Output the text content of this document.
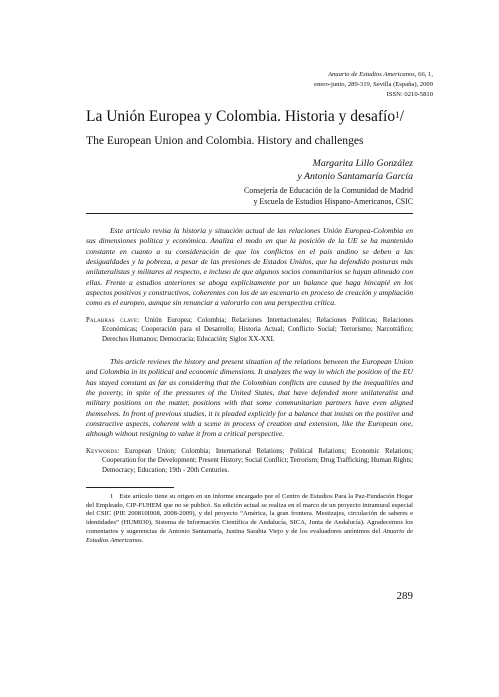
Anuario de Estudios Americanos, 66, 1,
enero-junio, 289-319, Sevilla (España), 2009
ISSN: 0210-5810
La Unión Europea y Colombia. Historia y desafío$^1$/
The European Union and Colombia. History and challenges
Margarita Lillo González
y Antonio Santamaría García
Consejería de Educación de la Comunidad de Madrid
y Escuela de Estudios Hispano-Americanos, CSIC

Este artículo revisa la historia y situación actual de las relaciones Unión Europea-Colombia en sus dimensiones política y económica. Analiza el modo en que la posición de la UE se ha mantenido constante en cuanto a su consideración de que los conflictos en el país andino se deben a las desigualdades y la pobreza, a pesar de las presiones de Estados Unidos, que ha defendido posturas más unilateralistas y militares al respecto, e incluso de que algunos socios comunitarios se hayan alineado con ellas. Frente a estudios anteriores se aboga explícitamente por un balance que haga hincapié en los aspectos positivos y constructivos, coherentes con los de un escenario en proceso de creación y ampliación como es el europeo, aunque sin renunciar a valorarlo con una perspectiva crítica.

Palabras clave: Unión Europea; Colombia; Relaciones Internacionales; Relaciones Políticas; Relaciones Económicas; Cooperación para el Desarrollo; Historia Actual; Conflicto Social; Terrorismo; Narcotráfico; Derechos Humanos; Democracia; Educación; Siglos XX-XXI.

This article reviews the history and present situation of the relations between the European Union and Colombia in its political and economic dimensions. It analyzes the way in which the position of the EU has stayed constant as far as considering that the Colombian conflicts are caused by the inequalities and the poverty, in spite of the pressures of the United States, that have defended more unilateralist and military positions on the matter, positions with that some communitarian partners have even aligned themselves. In front of previous studies, it is pleaded explicitly for a balance that insists on the positive and constructive aspects, coherent with a scene in process of creation and extension, like the European one, although without resigning to value it from a critical perspective.

Keywords: European Union; Colombia; International Relations; Political Relations; Economic Relations; Cooperation for the Development; Present History; Social Conflict; Terrorism; Drug Trafficking; Human Rights; Democracy; Education; 19th - 20th Centuries.

1 Este artículo tiene su origen en un informe encargado por el Centro de Estudios Para la Paz-Fundación Hogar del Empleado, CIP-FUHEM que no se publicó. Su edición actual se realiza en el marco de un proyecto intramural especial del CSIC (PIE 200810I008, 2008-2009), y del proyecto “América, la gran frontera. Mestizajes, circulación de saberes e identidades” (HUM030), Sistema de Información Científica de Andalucía, SICA, Junta de Andalucía). Agradecemos los comentarios y sugerencias de Antonio Santamaría, Justina Sarabia Viejo y de los evaluadores anónimos del Anuario de Estudios Americanos.

289
